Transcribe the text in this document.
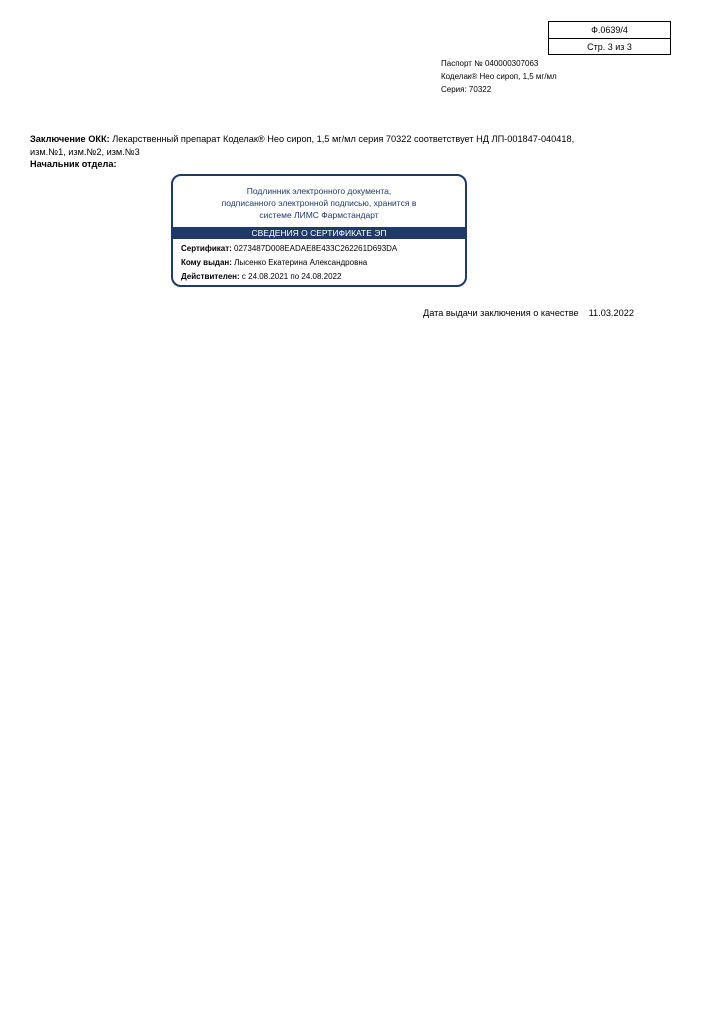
Ф.0639/4
Стр. 3 из 3
Паспорт № 040000307063
Коделак® Нео сироп, 1,5 мг/мл
Серия: 70322
Заключение ОКК: Лекарственный препарат Коделак® Нео сироп, 1,5 мг/мл серия 70322 соответствует НД ЛП-001847-040418,
изм.№1, изм.№2, изм.№3
Начальник отдела:
Подлинник электронного документа,
подписанного электронной подписью, хранится в
системе ЛИМС Фармстандарт
СВЕДЕНИЯ О СЕРТИФИКАТЕ ЭП
Сертификат: 0273487D008EADAE8E433C262261D693DA
Кому выдан: Лысенко Екатерина Александровна
Действителен: с 24.08.2021 по 24.08.2022
Дата выдачи заключения о качестве 11.03.2022
